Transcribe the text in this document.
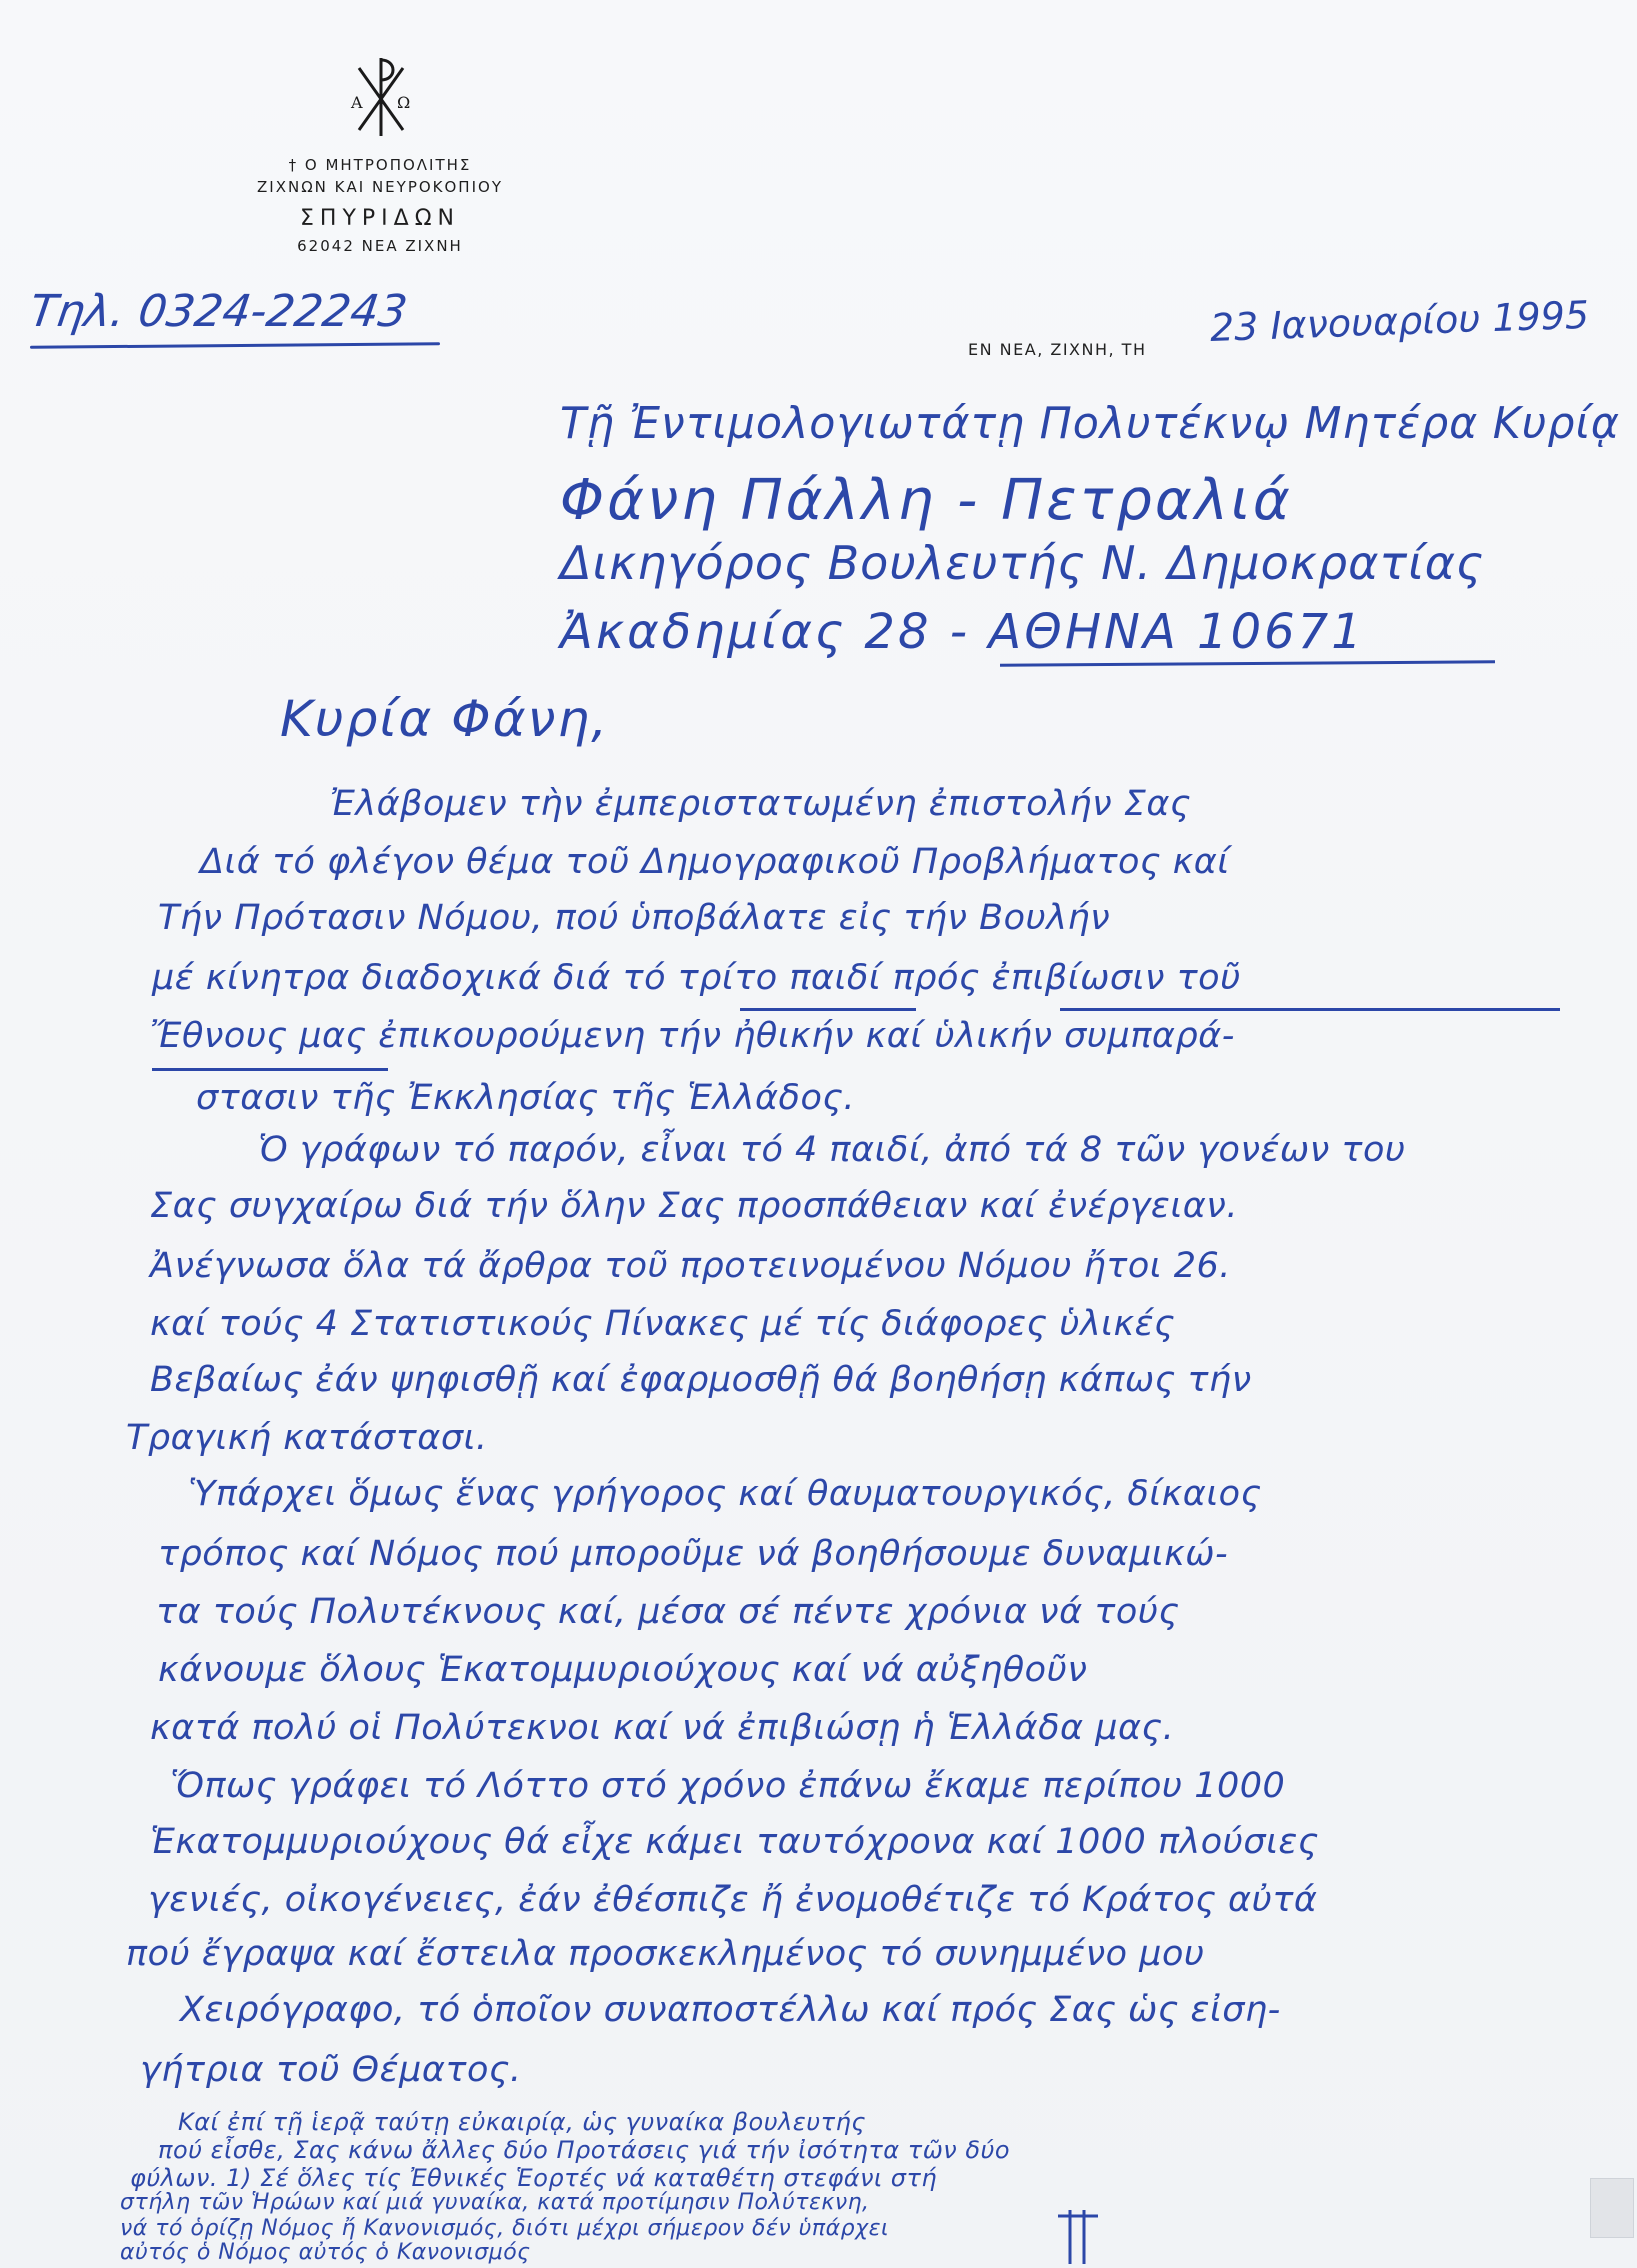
Α Ω
† Ο ΜΗΤΡΟΠΟΛΙΤΗΣ
ΖΙΧΝΩΝ ΚΑΙ ΝΕΥΡΟΚΟΠΙΟΥ
ΣΠΥΡΙΔΩΝ
62042 ΝΕΑ ΖΙΧΝΗ
Τηλ. 0324-22243
ΕΝ ΝΕΑ, ΖΙΧΝΗ, ΤΗ 23 Ιανουαρίου 1995
Τῇ Ἐντιμολογιωτάτῃ Πολυτέκνῳ Μητέρα Κυρίᾳ
Φάνη Πάλλη - Πετραλιά
Δικηγόρος Βουλευτής Ν. Δημοκρατίας
Ἀκαδημίας 28 - ΑΘΗΝΑ 10671
Κυρία Φάνη,
Ἐλάβομεν τὴν ἐμπεριστατωμένη ἐπιστολήν Σας
Διά τό φλέγον θέμα τοῦ Δημογραφικοῦ Προβλήματος καί
Τήν Πρότασιν Νόμου, πού ὑποβάλατε εἰς τήν Βουλήν
μέ κίνητρα διαδοχικά διά τό τρίτο παιδί πρός ἐπιβίωσιν τοῦ
Ἔθνους μας ἐπικουρούμενη τήν ἠθικήν καί ὑλικήν συμπαρά-
στασιν τῆς Ἐκκλησίας τῆς Ἑλλάδος.
Ὁ γράφων τό παρόν, εἶναι τό 4 παιδί, ἀπό τά 8 τῶν γονέων του
Σας συγχαίρω διά τήν ὅλην Σας προσπάθειαν καί ἐνέργειαν.
Ἀνέγνωσα ὅλα τά ἄρθρα τοῦ προτεινομένου Νόμου ἤτοι 26.
καί τούς 4 Στατιστικούς Πίνακες μέ τίς διάφορες ὑλικές
Βεβαίως ἐάν ψηφισθῇ καί ἐφαρμοσθῇ θά βοηθήσῃ κάπως τήν
Τραγική κατάστασι.
Ὑπάρχει ὅμως ἕνας γρήγορος καί θαυματουργικός, δίκαιος
τρόπος καί Νόμος πού μποροῦμε νά βοηθήσουμε δυναμικώ-
τα τούς Πολυτέκνους καί, μέσα σέ πέντε χρόνια νά τούς
κάνουμε ὅλους Ἑκατομμυριούχους καί νά αὐξηθοῦν
κατά πολύ οἱ Πολύτεκνοι καί νά ἐπιβιώσῃ ἡ Ἑλλάδα μας.
Ὅπως γράφει τό Λόττο στό χρόνο ἐπάνω ἔκαμε περίπου 1000
Ἑκατομμυριούχους θά εἶχε κάμει ταυτόχρονα καί 1000 πλούσιες
γενιές, οἰκογένειες, ἐάν ἐθέσπιζε ἤ ἐνομοθέτιζε τό Κράτος αὐτά
πού ἔγραψα καί ἔστειλα προσκεκλημένος τό συνημμένο μου
Χειρόγραφο, τό ὁποῖον συναποστέλλω καί πρός Σας ὡς εἰση-
γήτρια τοῦ Θέματος.
Καί ἐπί τῇ ἱερᾷ ταύτῃ εὐκαιρίᾳ, ὡς γυναίκα βουλευτής
πού εἶσθε, Σας κάνω ἄλλες δύο Προτάσεις γιά τήν ἰσότητα τῶν δύο
φύλων. 1) Σέ ὅλες τίς Ἐθνικές Ἑορτές νά καταθέτη στεφάνι στή
στήλη τῶν Ἡρώων καί μιά γυναίκα, κατά προτίμησιν Πολύτεκνη,
νά τό ὁρίζῃ Νόμος ἤ Κανονισμός, διότι μέχρι σήμερον δέν ὑπάρχει
αὐτός ὁ Νόμος αὐτός ὁ Κανονισμός
